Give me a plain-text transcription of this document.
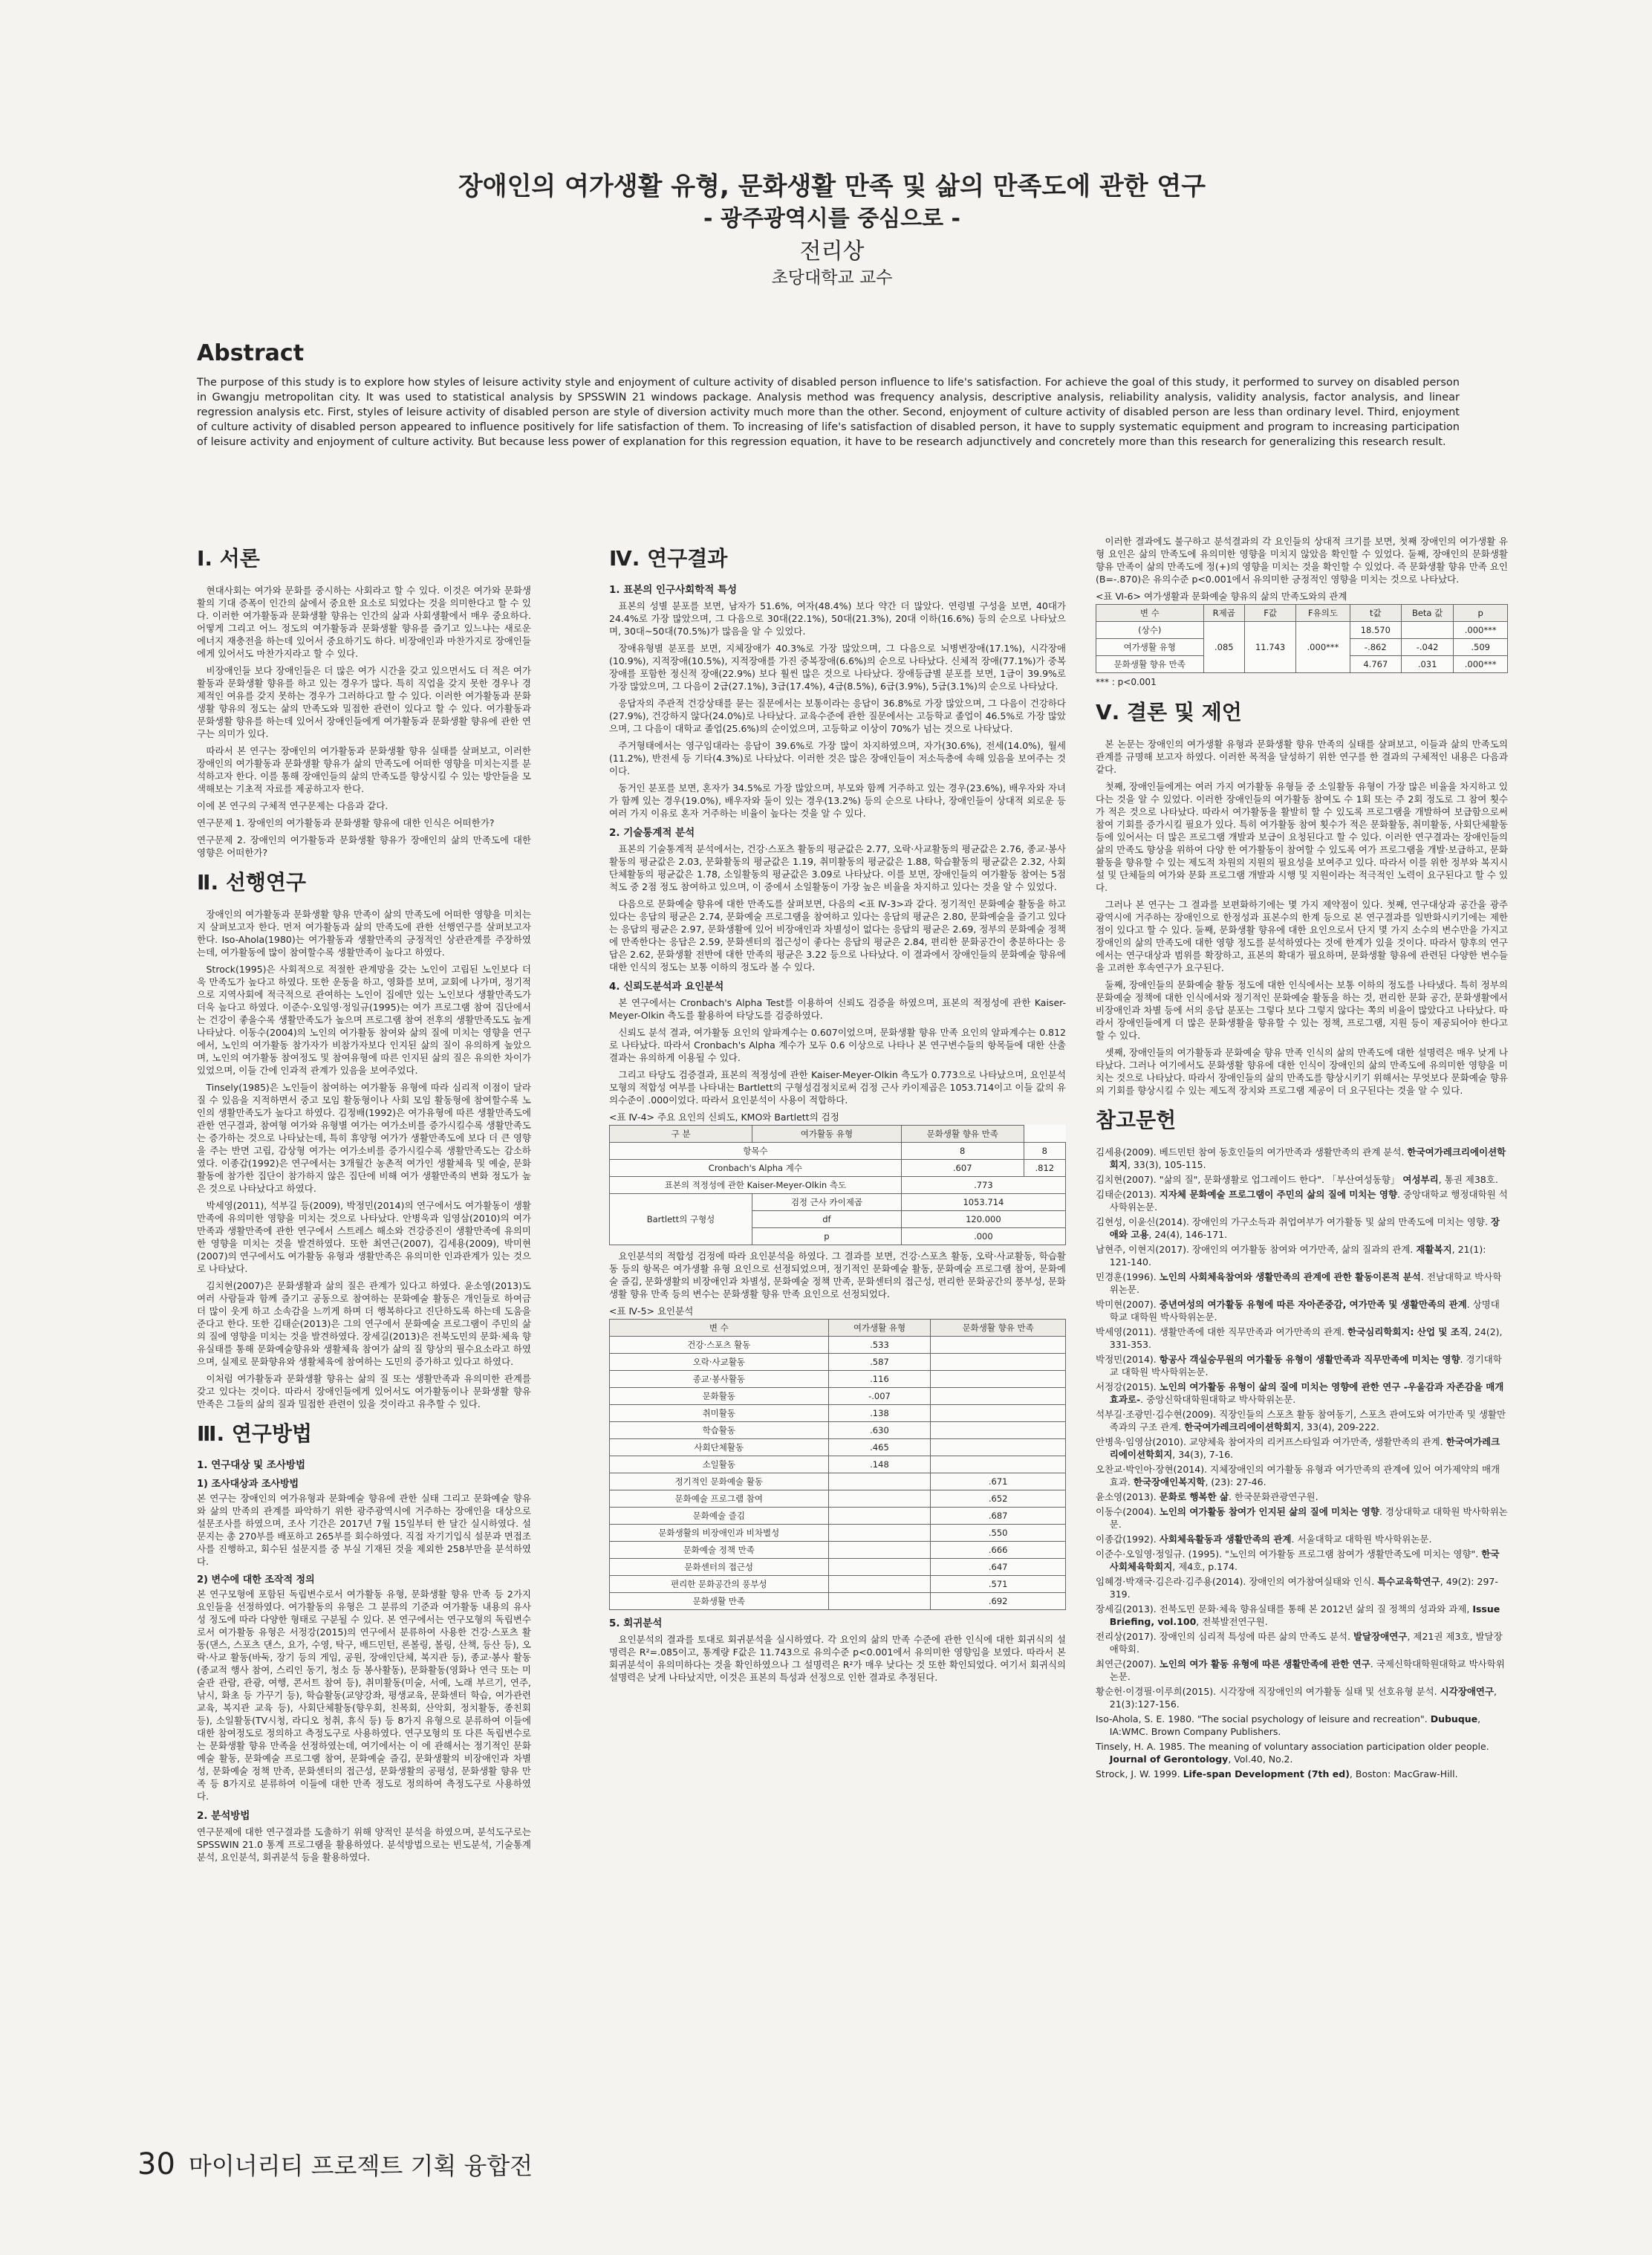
장애인의 여가생활 유형, 문화생활 만족 및 삶의 만족도에 관한 연구

- 광주광역시를 중심으로 -

전리상

초당대학교 교수

Abstract

The purpose of this study is to explore how styles of leisure activity style and enjoyment of culture activity of disabled person influence to life's satisfaction. For achieve the goal of this study, it performed to survey on disabled person in Gwangju metropolitan city. It was used to statistical analysis by SPSSWIN 21 windows package. Analysis method was frequency analysis, descriptive analysis, reliability analysis, validity analysis, factor analysis, and linear regression analysis etc. First, styles of leisure activity of disabled person are style of diversion activity much more than the other. Second, enjoyment of culture activity of disabled person are less than ordinary level. Third, enjoyment of culture activity of disabled person appeared to influence positively for life satisfaction of them. To increasing of life's satisfaction of disabled person, it have to supply systematic equipment and program to increasing participation of leisure activity and enjoyment of culture activity. But because less power of explanation for this regression equation, it have to be research adjunctively and concretely more than this research for generalizing this research result.

Ⅰ. 서론

현대사회는 여가와 문화를 중시하는 사회라고 할 수 있다. 이것은 여가와 문화생활의 기대 증폭이 인간의 삶에서 중요한 요소로 되었다는 것을 의미한다고 할 수 있다. 이러한 여가활동과 문화생활 향유는 인간의 삶과 사회생활에서 매우 중요하다. 어떻게 그리고 어느 정도의 여가활동과 문화생활 향유를 즐기고 있느냐는 새로운 에너지 재충전을 하는데 있어서 중요하기도 하다. 비장애인과 마찬가지로 장애인들에게 있어서도 마찬가지라고 할 수 있다.

비장애인들 보다 장애인들은 더 많은 여가 시간을 갖고 있으면서도 더 적은 여가활동과 문화생활 향유를 하고 있는 경우가 많다. 특히 직업을 갖지 못한 경우나 경제적인 여유를 갖지 못하는 경우가 그러하다고 할 수 있다. 이러한 여가활동과 문화생활 향유의 정도는 삶의 만족도와 밀접한 관련이 있다고 할 수 있다. 여가활동과 문화생활 향유를 하는데 있어서 장애인들에게 여가활동과 문화생활 향유에 관한 연구는 의미가 있다.

따라서 본 연구는 장애인의 여가활동과 문화생활 향유 실태를 살펴보고, 이러한 장애인의 여가활동과 문화생활 향유가 삶의 만족도에 어떠한 영향을 미치는지를 분석하고자 한다. 이를 통해 장애인들의 삶의 만족도를 향상시킬 수 있는 방안들을 모색해보는 기초적 자료를 제공하고자 한다.

이에 본 연구의 구체적 연구문제는 다음과 같다.

연구문제 1. 장애인의 여가활동과 문화생활 향유에 대한 인식은 어떠한가?

연구문제 2. 장애인의 여가활동과 문화생활 향유가 장애인의 삶의 만족도에 대한 영향은 어떠한가?

Ⅱ. 선행연구

장애인의 여가활동과 문화생활 향유 만족이 삶의 만족도에 어떠한 영향을 미치는지 살펴보고자 한다. 먼저 여가활동과 삶의 만족도에 관한 선행연구를 살펴보고자 한다. Iso-Ahola(1980)는 여가활동과 생활만족의 긍정적인 상관관계를 주장하였는데, 여가활동에 많이 참여할수록 생활만족이 높다고 하였다.

Strock(1995)은 사회적으로 적절한 관계망을 갖는 노인이 고립된 노인보다 더욱 만족도가 높다고 하였다. 또한 운동을 하고, 영화를 보며, 교회에 나가며, 정기적으로 지역사회에 적극적으로 관여하는 노인이 집에만 있는 노인보다 생활만족도가 더욱 높다고 하였다. 이준수·오일영·정일규(1995)는 여가 프로그램 참여 집단에서는 건강이 좋을수록 생활만족도가 높으며 프로그램 참여 전후의 생활만족도도 높게 나타났다. 이동수(2004)의 노인의 여가활동 참여와 삶의 질에 미치는 영향을 연구에서, 노인의 여가활동 참가자가 비참가자보다 인지된 삶의 질이 유의하게 높았으며, 노인의 여가활동 참여정도 및 참여유형에 따른 인지된 삶의 질은 유의한 차이가 있었으며, 이들 간에 인과적 관계가 있음을 보여주었다.

Tinsely(1985)은 노인들이 참여하는 여가활동 유형에 따라 심리적 이점이 달라질 수 있음을 지적하면서 중고 모임 활동형이나 사회 모임 활동형에 참여할수록 노인의 생활만족도가 높다고 하였다. 김정배(1992)은 여가유형에 따른 생활만족도에 관한 연구결과, 참여형 여가와 유형별 여가는 여가소비를 증가시킬수록 생활만족도는 증가하는 것으로 나타났는데, 특히 휴양형 여가가 생활만족도에 보다 더 큰 영향을 주는 반면 고립, 감상형 여가는 여가소비를 증가시킬수록 생활만족도는 감소하였다. 이종갑(1992)은 연구에서는 3개월간 농촌적 여가인 생활체육 및 예술, 문화 활동에 참가한 집단이 참가하지 않은 집단에 비해 여가 생활만족의 변화 정도가 높은 것으로 나타났다고 하였다.

박세영(2011), 석부길 등(2009), 박정민(2014)의 연구에서도 여가활동이 생활만족에 유의미한 영향을 미치는 것으로 나타났다. 안병욱과 임영삼(2010)의 여가만족과 생활만족에 관한 연구에서 스트레스 해소와 건강증진이 생활만족에 유의미한 영향을 미치는 것을 발견하였다. 또한 최연근(2007), 김세용(2009), 박미현(2007)의 연구에서도 여가활동 유형과 생활만족은 유의미한 인과관계가 있는 것으로 나타났다.

김치현(2007)은 문화생활과 삶의 질은 관계가 있다고 하였다. 윤소영(2013)도 여러 사람들과 함께 즐기고 공동으로 참여하는 문화예술 활동은 개인들로 하여금 더 많이 웃게 하고 소속감을 느끼게 하며 더 행복하다고 진단하도록 하는데 도움을 준다고 한다. 또한 김태순(2013)은 그의 연구에서 문화예술 프로그램이 주민의 삶의 질에 영향을 미치는 것을 발견하였다. 장세길(2013)은 전북도민의 문화·체육 향유실태를 통해 문화예술향유와 생활체육 참여가 삶의 질 향상의 필수요소라고 하였으며, 실제로 문화향유와 생활체육에 참여하는 도민의 증가하고 있다고 하였다.

이처럼 여가활동과 문화생활 향유는 삶의 질 또는 생활만족과 유의미한 관계를 갖고 있다는 것이다. 따라서 장애인들에게 있어서도 여가활동이나 문화생활 향유 만족은 그들의 삶의 질과 밀접한 관련이 있을 것이라고 유추할 수 있다.

Ⅲ. 연구방법
1. 연구대상 및 조사방법
1) 조사대상과 조사방법

본 연구는 장애인의 여가유형과 문화예술 향유에 관한 실태 그리고 문화예술 향유와 삶의 만족의 관계를 파악하기 위한 광주광역시에 거주하는 장애인을 대상으로 설문조사를 하였으며, 조사 기간은 2017년 7월 15일부터 한 달간 실시하였다. 설문지는 총 270부를 배포하고 265부를 회수하였다. 직접 자기기입식 설문과 면접조사를 진행하고, 회수된 설문지를 중 부실 기재된 것을 제외한 258부만을 분석하였다.

2) 변수에 대한 조작적 정의

본 연구모형에 포함된 독립변수로서 여가활동 유형, 문화생활 향유 만족 등 2가지 요인들을 선정하였다. 여가활동의 유형은 그 분류의 기준과 여가활동 내용의 유사성 정도에 따라 다양한 형태로 구분될 수 있다. 본 연구에서는 연구모형의 독립변수로서 여가활동 유형은 서정강(2015)의 연구에서 분류하여 사용한 건강·스포츠 활동(댄스, 스포츠 댄스, 요가, 수영, 탁구, 배드민턴, 론볼링, 볼링, 산책, 등산 등), 오락·사교 활동(바둑, 장기 등의 게임, 공원, 장애인단체, 복지관 등), 종교·봉사 활동(종교적 행사 참여, 스리인 동기, 청소 등 봉사활동), 문화활동(영화나 연극 또는 미술관 관람, 관광, 여행, 콘서트 참여 등), 취미활동(미술, 서예, 노래 부르기, 연주, 낚시, 화초 등 가꾸기 등), 학습활동(교양강좌, 평생교육, 문화센터 학습, 여가관련 교육, 복지관 교육 등), 사회단체활동(향우회, 친목회, 산악회, 정치활동, 종친회 등), 소일활동(TV시청, 라디오 청취, 휴식 등) 등 8가지 유형으로 분류하여 이들에 대한 참여정도로 정의하고 측정도구로 사용하였다. 연구모형의 또 다른 독립변수로는 문화생활 향유 만족을 선정하였는데, 여기에서는 이 에 관해서는 정기적인 문화예술 활동, 문화예술 프로그램 참여, 문화예술 즐김, 문화생활의 비장애인과 차별성, 문화예술 정책 만족, 문화센터의 접근성, 문화생활의 공평성, 문화생활 향유 만족 등 8가지로 분류하여 이들에 대한 만족 정도로 정의하여 측정도구로 사용하였다.

2. 분석방법

연구문제에 대한 연구결과를 도출하기 위해 양적인 분석을 하였으며, 분석도구로는 SPSSWIN 21.0 통계 프로그램을 활용하였다. 분석방법으로는 빈도분석, 기술통계분석, 요인분석, 회귀분석 등을 활용하였다.

Ⅳ. 연구결과
1. 표본의 인구사회학적 특성

표본의 성별 분포를 보면, 남자가 51.6%, 여자(48.4%) 보다 약간 더 많았다. 연령별 구성을 보면, 40대가 24.4%로 가장 많았으며, 그 다음으로 30대(22.1%), 50대(21.3%), 20대 이하(16.6%) 등의 순으로 나타났으며, 30대~50대(70.5%)가 많음을 알 수 있었다.

장애유형별 분포를 보면, 지체장애가 40.3%로 가장 많았으며, 그 다음으로 뇌병변장애(17.1%), 시각장애(10.9%), 지적장애(10.5%), 지적장애를 가진 중복장애(6.6%)의 순으로 나타났다. 신체적 장애(77.1%)가 중복장애를 포함한 정신적 장애(22.9%) 보다 훨씬 많은 것으로 나타났다. 장애등급별 분포를 보면, 1급이 39.9%로 가장 많았으며, 그 다음이 2급(27.1%), 3급(17.4%), 4급(8.5%), 6급(3.9%), 5급(3.1%)의 순으로 나타났다.

응답자의 주관적 건강상태를 묻는 질문에서는 보통이라는 응답이 36.8%로 가장 많았으며, 그 다음이 건강하다(27.9%), 건강하지 않다(24.0%)로 나타났다. 교육수준에 관한 질문에서는 고등학교 졸업이 46.5%로 가장 많았으며, 그 다음이 대학교 졸업(25.6%)의 순이었으며, 고등학교 이상이 70%가 넘는 것으로 나타났다.

주거형태에서는 영구임대라는 응답이 39.6%로 가장 많이 차지하였으며, 자가(30.6%), 전세(14.0%), 월세(11.2%), 반전세 등 기타(4.3%)로 나타났다. 이러한 것은 많은 장애인들이 저소득층에 속해 있음을 보여주는 것이다.

동거인 분포를 보면, 혼자가 34.5%로 가장 많았으며, 부모와 함께 거주하고 있는 경우(23.6%), 배우자와 자녀가 함께 있는 경우(19.0%), 배우자와 둘이 있는 경우(13.2%) 등의 순으로 나타나, 장애인들이 상대적 외로운 등 여러 가지 이유로 혼자 거주하는 비율이 높다는 것을 알 수 있다.

2. 기술통계적 분석

표본의 기술통계적 분석에서는, 건강·스포츠 활동의 평균값은 2.77, 오락·사교활동의 평균값은 2.76, 종교·봉사활동의 평균값은 2.03, 문화활동의 평균값은 1.19, 취미활동의 평균값은 1.88, 학습활동의 평균값은 2.32, 사회단체활동의 평균값은 1.78, 소일활동의 평균값은 3.09로 나타났다. 이를 보면, 장애인들의 여가활동 참여는 5점 척도 중 2점 정도 참여하고 있으며, 이 중에서 소일활동이 가장 높은 비율을 차지하고 있다는 것을 알 수 있었다.

다음으로 문화예술 향유에 대한 만족도를 살펴보면, 다음의 <표 Ⅳ-3>과 같다. 정기적인 문화예술 활동을 하고 있다는 응답의 평균은 2.74, 문화예술 프로그램을 참여하고 있다는 응답의 평균은 2.80, 문화예술을 즐기고 있다는 응답의 평균은 2.97, 문화생활에 있어 비장애인과 차별성이 없다는 응답의 평균은 2.69, 정부의 문화예술 정책에 만족한다는 응답은 2.59, 문화센터의 접근성이 좋다는 응답의 평균은 2.84, 편리한 문화공간이 충분하다는 응답은 2.62, 문화생활 전반에 대한 만족의 평균은 3.22 등으로 나타났다. 이 결과에서 장애인들의 문화예술 향유에 대한 인식의 정도는 보통 이하의 정도라 볼 수 있다.

4. 신뢰도분석과 요인분석

본 연구에서는 Cronbach's Alpha Test를 이용하여 신뢰도 검증을 하였으며, 표본의 적정성에 관한 Kaiser-Meyer-Olkin 측도를 활용하여 타당도를 검증하였다.

신뢰도 분석 결과, 여가활동 요인의 알파계수는 0.607이었으며, 문화생활 향유 만족 요인의 알파계수는 0.812로 나타났다. 따라서 Cronbach's Alpha 계수가 모두 0.6 이상으로 나타나 본 연구변수들의 항목들에 대한 산출결과는 유의하게 이용될 수 있다.

그리고 타당도 검증결과, 표본의 적정성에 관한 Kaiser-Meyer-Olkin 측도가 0.773으로 나타났으며, 요인분석 모형의 적합성 여부를 나타내는 Bartlett의 구형성검정치로써 검정 근사 카이제곱은 1053.714이고 이들 값의 유의수준이 .000이었다. 따라서 요인분석이 사용이 적합하다.

<표 Ⅳ-4> 주요 요인의 신뢰도, KMO와 Bartlett의 검정
구 분	여가활동 유형	문화생활 향유 만족	
항목수		8	8
Cronbach's Alpha 계수		.607	.812
표본의 적정성에 관한 Kaiser-Meyer-Olkin 측도		.773	
Bartlett의 구형성	검정 근사 카이제곱	1053.714	
	df	120.000	
	p	.000	

요인분석의 적합성 검정에 따라 요인분석을 하였다. 그 결과를 보면, 건강·스포츠 활동, 오락·사교활동, 학습활동 등의 항목은 여가생활 유형 요인으로 선정되었으며, 정기적인 문화예술 활동, 문화예술 프로그램 참여, 문화예술 즐김, 문화생활의 비장애인과 차별성, 문화예술 정책 만족, 문화센터의 접근성, 편리한 문화공간의 풍부성, 문화생활 향유 만족 등의 변수는 문화생활 향유 만족 요인으로 선정되었다.

<표 Ⅳ-5> 요인분석
변 수	여가생활 유형	문화생활 향유 만족
건강·스포츠 활동	.533	
오락·사교활동	.587	
종교·봉사활동	.116	
문화활동	-.007	
취미활동	.138	
학습활동	.630	
사회단체활동	.465	
소일활동	.148	
정기적인 문화예술 활동		.671
문화예술 프로그램 참여		.652
문화예술 즐김		.687
문화생활의 비장애인과 비차별성		.550
문화예술 정책 만족		.666
문화센터의 접근성		.647
편리한 문화공간의 풍부성		.571
문화생활 만족		.692
5. 회귀분석

요인분석의 결과를 토대로 회귀분석을 실시하였다. 각 요인의 삶의 만족 수준에 관한 인식에 대한 회귀식의 설명력은 R²=.085이고, 통계량 F값은 11.743으로 유의수준 p<0.001에서 유의미한 영향임을 보였다. 따라서 본 회귀분석이 유의미하다는 것을 확인하였으나 그 설명력은 R²가 매우 낮다는 것 또한 확인되었다. 여기서 회귀식의 설명력은 낮게 나타났지만, 이것은 표본의 특성과 선정으로 인한 결과로 추정된다.

이러한 결과에도 불구하고 분석결과의 각 요인들의 상대적 크기를 보면, 첫째 장애인의 여가생활 유형 요인은 삶의 만족도에 유의미한 영향을 미치지 않았음 확인할 수 있었다. 둘째, 장애인의 문화생활 향유 만족이 삶의 만족도에 정(+)의 영향을 미치는 것을 확인할 수 있었다. 즉 문화생활 향유 만족 요인(B=-.870)은 유의수준 p<0.001에서 유의미한 긍정적인 영향을 미치는 것으로 나타났다.

<표 Ⅵ-6> 여가생활과 문화예술 향유의 삶의 만족도와의 관계
변 수	R제곱	F값	F유의도	t값	Beta 값	p
(상수)	.085	11.743	.000***	18.570		.000***
여가생활 유형				-.862	-.042	.509
문화생활 향유 만족				4.767	.031	.000***
*** : p<0.001
Ⅴ. 결론 및 제언

본 논문는 장애인의 여가생활 유형과 문화생활 향유 만족의 실태를 살펴보고, 이들과 삶의 만족도의 관계를 규명해 보고자 하였다. 이러한 목적을 달성하기 위한 연구를 한 결과의 구체적인 내용은 다음과 같다.

첫째, 장애인들에게는 여러 가지 여가활동 유형들 중 소일활동 유형이 가장 많은 비율을 차지하고 있다는 것을 알 수 있었다. 이러한 장애인들의 여가활동 참여도 수 1회 또는 주 2회 정도로 그 참여 횟수가 적은 것으로 나타났다. 따라서 여가활동을 활발히 할 수 있도록 프로그램을 개발하여 보급함으로써 참여 기회를 증가시킬 필요가 있다. 특히 여가활동 참여 횟수가 적은 문화활동, 취미활동, 사회단체활동 등에 있어서는 더 많은 프로그램 개발과 보급이 요청된다고 할 수 있다. 이러한 연구결과는 장애인들의 삶의 만족도 향상을 위하여 다양 한 여가활동이 참여할 수 있도록 여가 프로그램을 개발·보급하고, 문화활동을 향유할 수 있는 제도적 차원의 지원의 필요성을 보여주고 있다. 따라서 이를 위한 정부와 복지시설 및 단체들의 여가와 문화 프로그램 개발과 시행 및 지원이라는 적극적인 노력이 요구된다고 할 수 있다.

그러나 본 연구는 그 결과를 보편화하기에는 몇 가지 제약점이 있다. 첫째, 연구대상과 공간을 광주광역시에 거주하는 장애인으로 한정성과 표본수의 한계 등으로 본 연구결과를 일반화시키기에는 제한점이 있다고 할 수 있다. 둘째, 문화생활 향유에 대한 요인으로서 단지 몇 가지 소수의 변수만을 가지고 장애인의 삶의 만족도에 대한 영향 정도를 분석하였다는 것에 한계가 있을 것이다. 따라서 향후의 연구에서는 연구대상과 범위를 확장하고, 표본의 확대가 필요하며, 문화생활 향유에 관련된 다양한 변수들을 고려한 후속연구가 요구된다.

둘째, 장애인들의 문화예술 활동 정도에 대한 인식에서는 보통 이하의 정도를 나타냈다. 특히 정부의 문화예술 정책에 대한 인식에서와 정기적인 문화예술 활동을 하는 것, 편리한 문화 공간, 문화생활에서 비장애인과 차별 등에 서의 응답 분포는 그렇다 보다 그렇지 않다는 쪽의 비율이 많았다고 나타났다. 따라서 장애인들에게 더 많은 문화생활을 향유할 수 있는 정책, 프로그램, 지원 등이 제공되어야 한다고 할 수 있다.

셋째, 장애인들의 여가활동과 문화예술 향유 만족 인식의 삶의 만족도에 대한 설명력은 매우 낮게 나타났다. 그러나 여기에서도 문화생활 향유에 대한 인식이 장애인의 삶의 만족도에 유의미한 영향을 미치는 것으로 나타났다. 따라서 장애인들의 삶의 만족도를 향상시키기 위해서는 무엇보다 문화예술 향유의 기회를 향상시킬 수 있는 제도적 장치와 프로그램 제공이 더 요구된다는 것을 알 수 있다.

참고문헌

김세용(2009). 베드민턴 참여 동호인들의 여가만족과 생활만족의 관계 분석. 한국여가레크리에이션학회지, 33(3), 105-115.

김치현(2007). "삶의 질", 문화생활로 업그레이드 한다". 「부산여성동향」 여성부리, 통권 제38호.

김태순(2013). 지자체 문화예술 프로그램이 주민의 삶의 질에 미치는 영향. 중앙대학교 행정대학원 석사학위논문.

김현성, 이윤신(2014). 장애인의 가구소득과 취업여부가 여가활동 및 삶의 만족도에 미치는 영향. 장애와 고용, 24(4), 146-171.

남현주, 이현지(2017). 장애인의 여가활동 참여와 여가만족, 삶의 질과의 관계. 재활복지, 21(1): 121-140.

민경훈(1996). 노인의 사회체육참여와 생활만족의 관계에 관한 활동이론적 분석. 전남대학교 박사학위논문.

박미현(2007). 중년여성의 여가활동 유형에 따른 자아존중감, 여가만족 및 생활만족의 관계. 상명대학교 대학원 박사학위논문.

박세영(2011). 생활만족에 대한 직무만족과 여가만족의 관계. 한국심리학회지: 산업 및 조직, 24(2), 331-353.

박정민(2014). 항공사 객실승무원의 여가활동 유형이 생활만족과 직무만족에 미치는 영향. 경기대학교 대학원 박사학위논문.

서정강(2015). 노인의 여가활동 유형이 삶의 질에 미치는 영향에 관한 연구 -우울감과 자존감을 매개효과로-. 중앙신학대학원대학교 박사학위논문.

석부길·조광민·김수현(2009). 직장인들의 스포츠 활동 참여동기, 스포츠 관여도와 여가만족 및 생활만족과의 구조 관계. 한국여가레크리에이션학회지, 33(4), 209-222.

안병욱·임영삼(2010). 교양체육 참여자의 리커프스타일과 여가만족, 생활만족의 관계. 한국여가레크리에이션학회지, 34(3), 7-16.

오찬교·박인아·장현(2014). 지체장애인의 여가활동 유형과 여가만족의 관계에 있어 여가제약의 매개효과. 한국장애인복지학, (23): 27-46.

윤소영(2013). 문화로 행복한 삶. 한국문화관광연구원.

이동수(2004). 노인의 여가활동 참여가 인지된 삶의 질에 미치는 영향. 경상대학교 대학원 박사학위논문.

이종갑(1992). 사회체육활동과 생활만족의 관계. 서울대학교 대학원 박사학위논문.

이준수·오일영·정일규. (1995). "노인의 여가활동 프로그램 참여가 생활만족도에 미치는 영향". 한국사회체육학회지, 제4호, p.174.

임혜경·박재국·김은라·김주용(2014). 장애인의 여가참여실태와 인식. 특수교육학연구, 49(2): 297-319.

장세길(2013). 전북도민 문화·체육 향유실태를 통해 본 2012년 삶의 질 정책의 성과와 과제, Issue Briefing, vol.100, 전북발전연구원.

전리상(2017). 장애인의 심리적 특성에 따른 삶의 만족도 분석. 발달장애연구, 제21권 제3호, 발달장애학회.

최연근(2007). 노인의 여가 활동 유형에 따른 생활만족에 관한 연구. 국제신학대학원대학교 박사학위논문.

황순헌·이경필·이루희(2015). 시각장애 직장애인의 여가활동 실태 및 선호유형 분석. 시각장애연구, 21(3):127-156.

Iso-Ahola, S. E. 1980. "The social psychology of leisure and recreation". Dubuque, IA:WMC. Brown Company Publishers.

Tinsely, H. A. 1985. The meaning of voluntary association participation older people. Journal of Gerontology, Vol.40, No.2.

Strock, J. W. 1999. Life-span Development (7th ed), Boston: MacGraw-Hill.

30 마이너리티 프로젝트 기획 융합전
